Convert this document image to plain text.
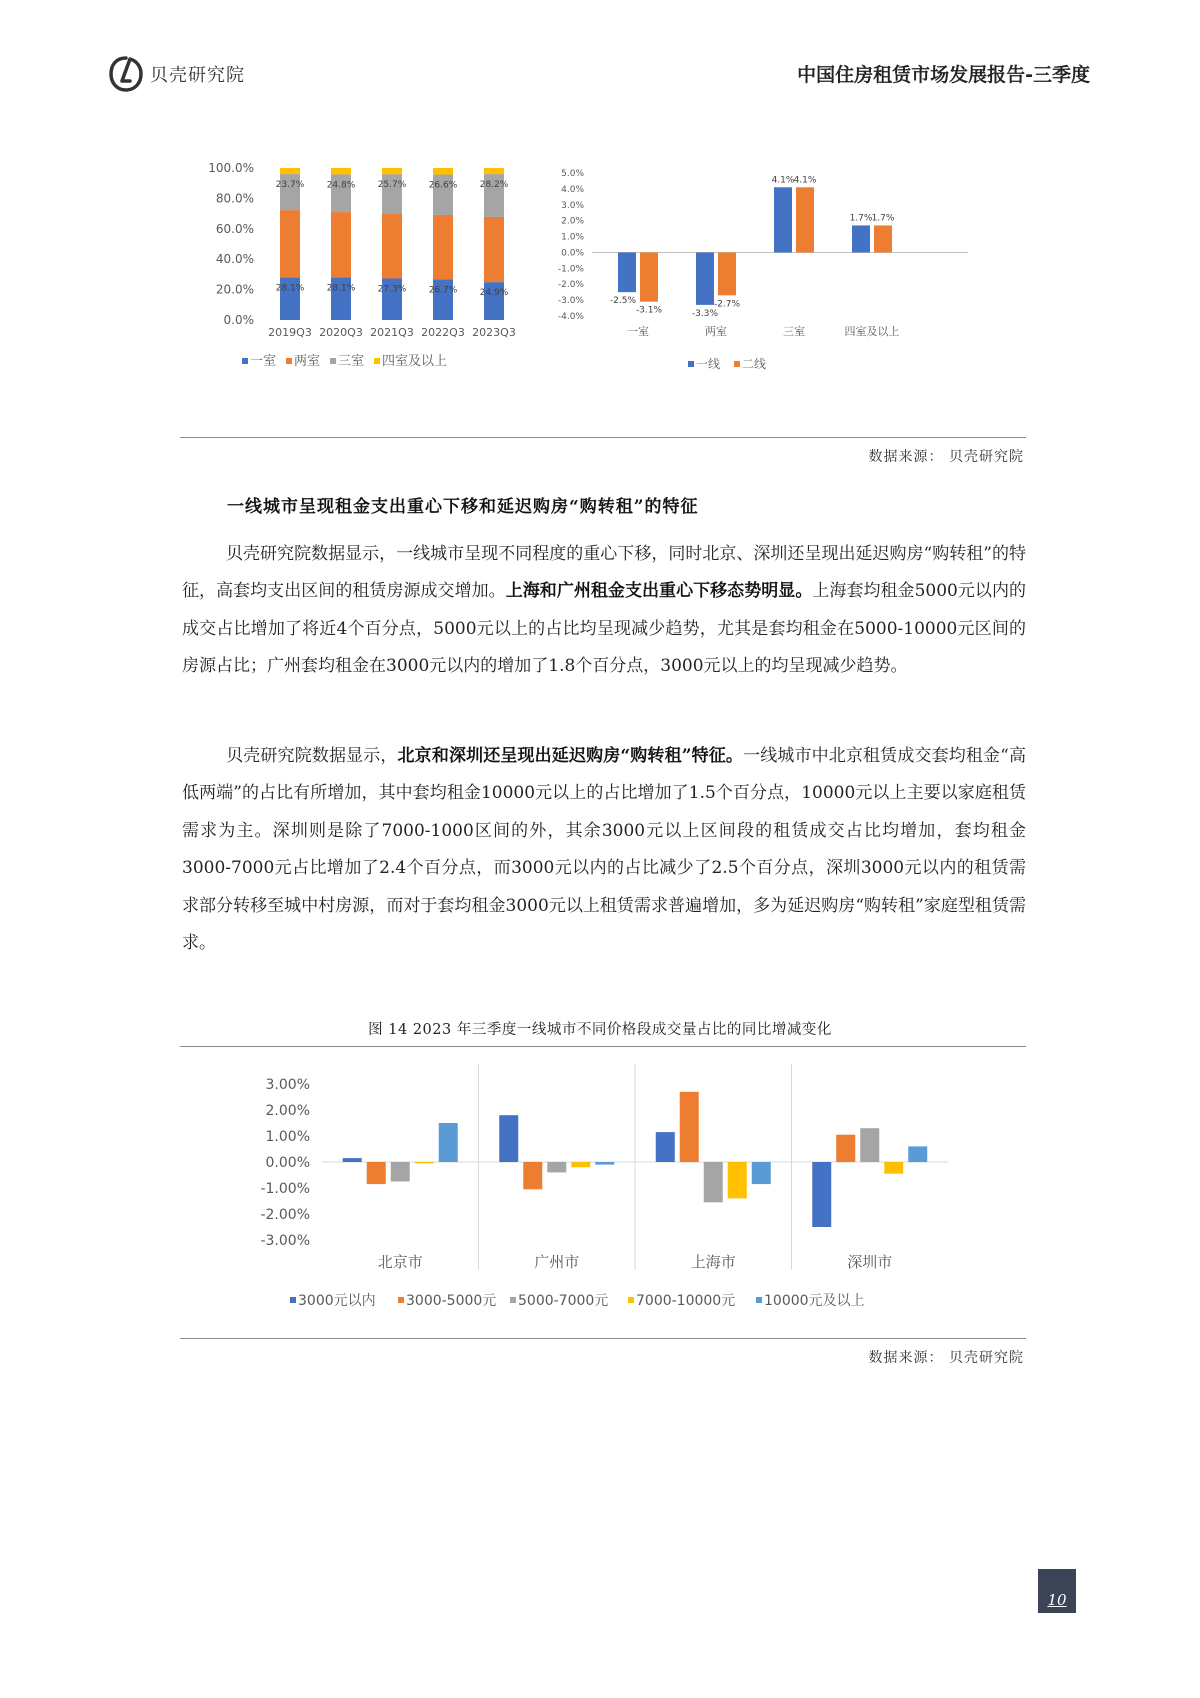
贝壳研究院	中国住房租赁市场发展报告-三季度
100.0%
80.0%
60.0%
40.0%
20.0%
0.0%
28.1%
23.7%
28.1%
24.8%
27.3%
25.7%
26.7%
26.6%
24.9%
28.2%
2019Q3 2020Q3 2021Q3 2022Q3 2023Q3
一室 两室 三室 四室及以上
5.0%
4.0%
3.0%
2.0%
1.0%
0.0%
-1.0%
-2.0%
-3.0%
-4.0%
-2.5%
-3.1%	-3.3%
-2.7%
4.1% 4.1%
1.7% 1.7%
一室	两室	三室	四室及以上
一线 二线
数据来源： 贝壳研究院
一线城市呈现租金支出重心下移和延迟购房“购转租”的特征
贝壳研究院数据显示，一线城市呈现不同程度的重心下移，同时北京、深圳还呈现出延迟购房“购转租”的特征，高套均支出区间的租赁房源成交增加。上海和广州租金支出重心下移态势明显。上海套均租金5000元以内的成交占比增加了将近4个百分点，5000元以上的占比均呈现减少趋势，尤其是套均租金在5000-10000元区间的房源占比；广州套均租金在3000元以内的增加了1.8个百分点，3000元以上的均呈现减少趋势。
贝壳研究院数据显示，北京和深圳还呈现出延迟购房“购转租”特征。一线城市中北京租赁成交套均租金“高低两端”的占比有所增加，其中套均租金10000元以上的占比增加了1.5个百分点，10000元以上主要以家庭租赁需求为主。深圳则是除了7000-1000区间的外，其余3000元以上区间段的租赁成交占比均增加，套均租金3000-7000元占比增加了2.4个百分点，而3000元以内的占比减少了2.5个百分点，深圳3000元以内的租赁需求部分转移至城中村房源，而对于套均租金3000元以上租赁需求普遍增加，多为延迟购房“购转租”家庭型租赁需求。
图 14 2023 年三季度一线城市不同价格段成交量占比的同比增减变化
3.00%
2.00%
1.00%
0.00%
-1.00%
-2.00%
-3.00%
北京市	广州市	上海市	深圳市
3000元以内 3000-5000元 5000-7000元 7000-10000元 10000元及以上
数据来源： 贝壳研究院
10
